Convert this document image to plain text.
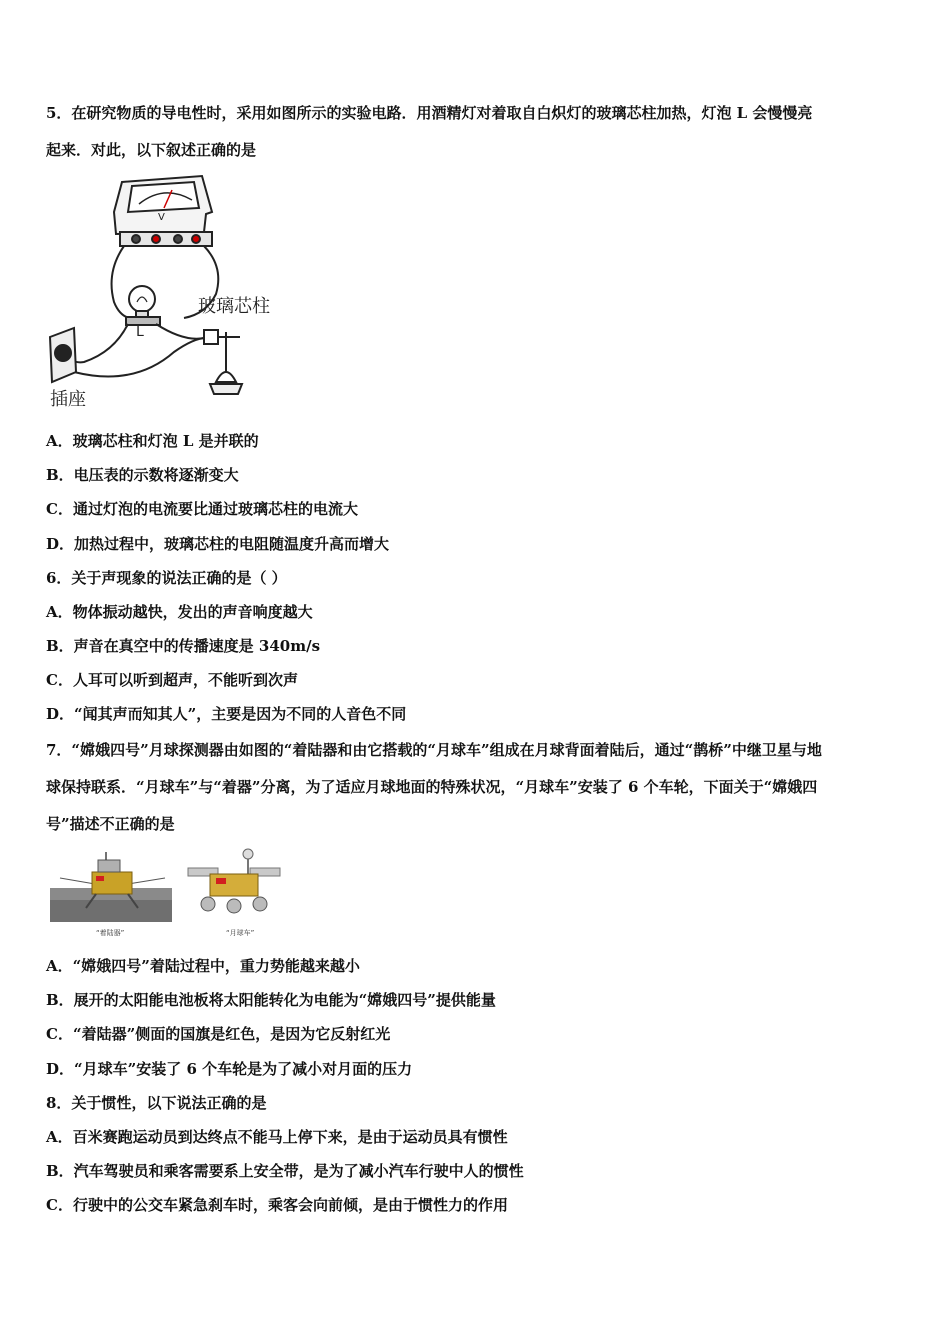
5．在研究物质的导电性时，采用如图所示的实验电路．用酒精灯对着取自白炽灯的玻璃芯柱加热，灯泡 L 会慢慢亮
起来．对此，以下叙述正确的是
玻璃芯柱
插座
L
V
A．玻璃芯柱和灯泡 L 是并联的
B．电压表的示数将逐渐变大
C．通过灯泡的电流要比通过玻璃芯柱的电流大
D．加热过程中，玻璃芯柱的电阻随温度升高而增大
6．关于声现象的说法正确的是（ ）
A．物体振动越快，发出的声音响度越大
B．声音在真空中的传播速度是 340m/s
C．人耳可以听到超声，不能听到次声
D．“闻其声而知其人”，主要是因为不同的人音色不同
7．“嫦娥四号”月球探测器由如图的“着陆器和由它搭载的“月球车”组成在月球背面着陆后，通过“鹊桥”中继卫星与地
球保持联系．“月球车”与“着器”分离，为了适应月球地面的特殊状况，“月球车”安装了 6 个车轮，下面关于“嫦娥四
号”描述不正确的是
“着陆器”	“月球车”
A．“嫦娥四号”着陆过程中，重力势能越来越小
B．展开的太阳能电池板将太阳能转化为电能为“嫦娥四号”提供能量
C．“着陆器”侧面的国旗是红色，是因为它反射红光
D．“月球车”安装了 6 个车轮是为了减小对月面的压力
8．关于惯性，以下说法正确的是
A．百米赛跑运动员到达终点不能马上停下来，是由于运动员具有惯性
B．汽车驾驶员和乘客需要系上安全带，是为了减小汽车行驶中人的惯性
C．行驶中的公交车紧急刹车时，乘客会向前倾，是由于惯性力的作用
